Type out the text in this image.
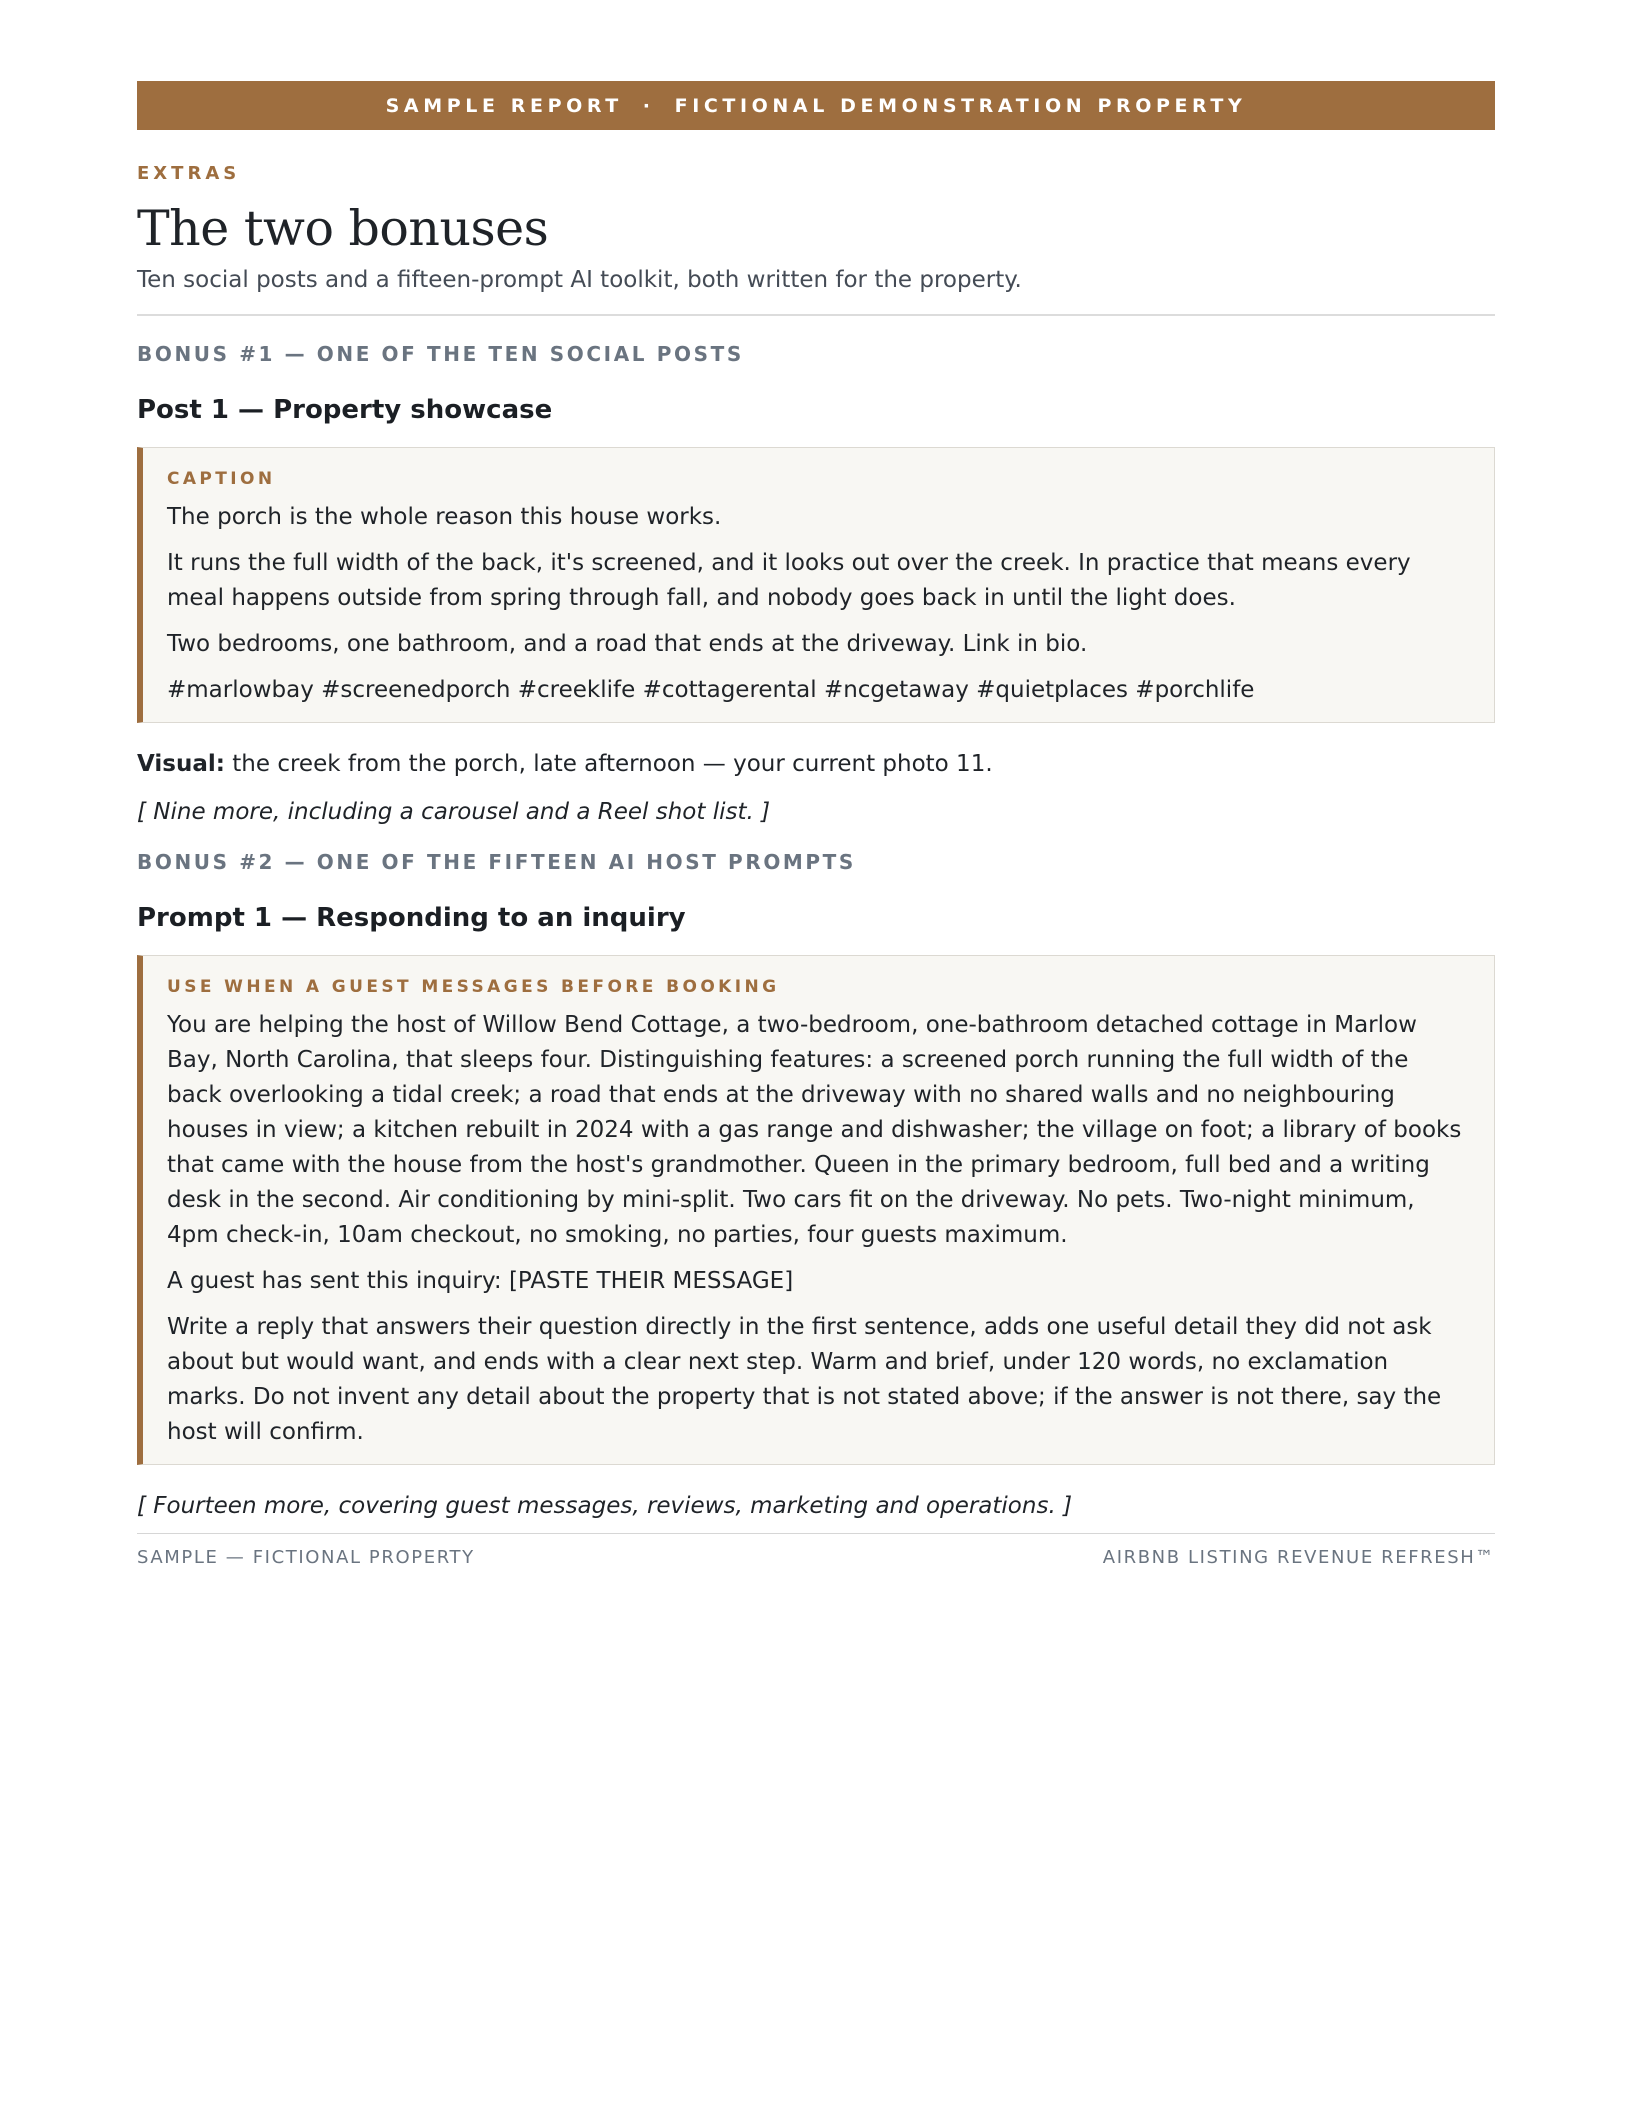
SAMPLE REPORT · FICTIONAL DEMONSTRATION PROPERTY
EXTRAS
The two bonuses
Ten social posts and a fifteen-prompt AI toolkit, both written for the property.
BONUS #1 — ONE OF THE TEN SOCIAL POSTS
Post 1 — Property showcase
CAPTION

The porch is the whole reason this house works.

It runs the full width of the back, it's screened, and it looks out over the creek. In practice that means every meal happens outside from spring through fall, and nobody goes back in until the light does.

Two bedrooms, one bathroom, and a road that ends at the driveway. Link in bio.

#marlowbay #screenedporch #creeklife #cottagerental #ncgetaway #quietplaces #porchlife

Visual: the creek from the porch, late afternoon — your current photo 11.
[ Nine more, including a carousel and a Reel shot list. ]
BONUS #2 — ONE OF THE FIFTEEN AI HOST PROMPTS
Prompt 1 — Responding to an inquiry
USE WHEN A GUEST MESSAGES BEFORE BOOKING

You are helping the host of Willow Bend Cottage, a two-bedroom, one-bathroom detached cottage in Marlow Bay, North Carolina, that sleeps four. Distinguishing features: a screened porch running the full width of the back overlooking a tidal creek; a road that ends at the driveway with no shared walls and no neighbouring houses in view; a kitchen rebuilt in 2024 with a gas range and dishwasher; the village on foot; a library of books that came with the house from the host's grandmother. Queen in the primary bedroom, full bed and a writing desk in the second. Air conditioning by mini-split. Two cars fit on the driveway. No pets. Two-night minimum, 4pm check-in, 10am checkout, no smoking, no parties, four guests maximum.

A guest has sent this inquiry: [PASTE THEIR MESSAGE]

Write a reply that answers their question directly in the first sentence, adds one useful detail they did not ask about but would want, and ends with a clear next step. Warm and brief, under 120 words, no exclamation marks. Do not invent any detail about the property that is not stated above; if the answer is not there, say the host will confirm.

[ Fourteen more, covering guest messages, reviews, marketing and operations. ]
SAMPLE — FICTIONAL PROPERTY	AIRBNB LISTING REVENUE REFRESH™
